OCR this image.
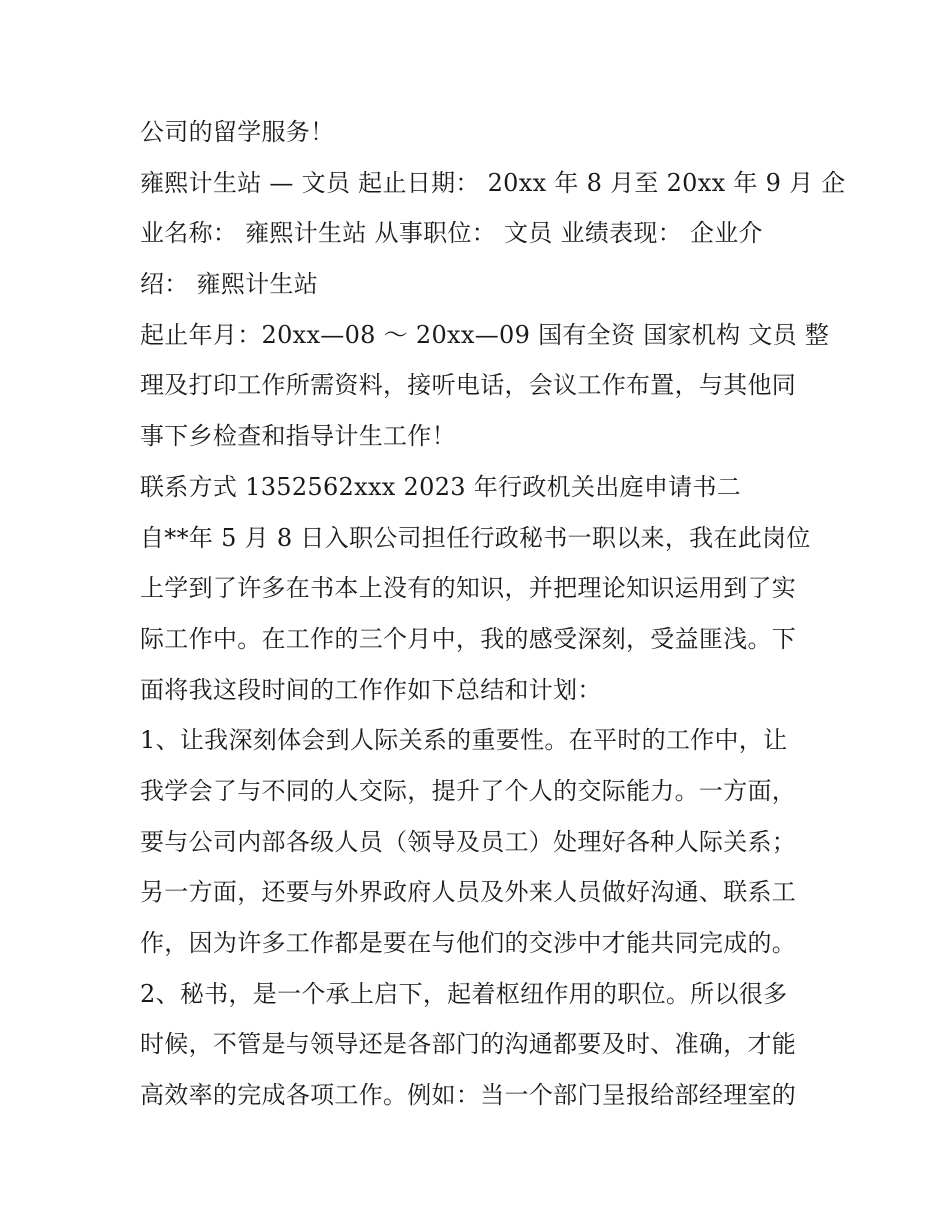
公司的留学服务！
雍熙计生站 — 文员 起止日期： 20xx 年 8 月至 20xx 年 9 月 企
业名称： 雍熙计生站 从事职位： 文员 业绩表现： 企业介
绍： 雍熙计生站
起止年月：20xx—08 ～ 20xx—09 国有全资 国家机构 文员 整
理及打印工作所需资料，接听电话，会议工作布置，与其他同
事下乡检查和指导计生工作！
联系方式 1352562xxx 2023 年行政机关出庭申请书二
自**年 5 月 8 日入职公司担任行政秘书一职以来，我在此岗位
上学到了许多在书本上没有的知识，并把理论知识运用到了实
际工作中。在工作的三个月中，我的感受深刻，受益匪浅。下
面将我这段时间的工作作如下总结和计划：
1、让我深刻体会到人际关系的重要性。在平时的工作中，让
我学会了与不同的人交际，提升了个人的交际能力。一方面，
要与公司内部各级人员（领导及员工）处理好各种人际关系；
另一方面，还要与外界政府人员及外来人员做好沟通、联系工
作，因为许多工作都是要在与他们的交涉中才能共同完成的。
2、秘书，是一个承上启下，起着枢纽作用的职位。所以很多
时候，不管是与领导还是各部门的沟通都要及时、准确，才能
高效率的完成各项工作。例如：当一个部门呈报给部经理室的
